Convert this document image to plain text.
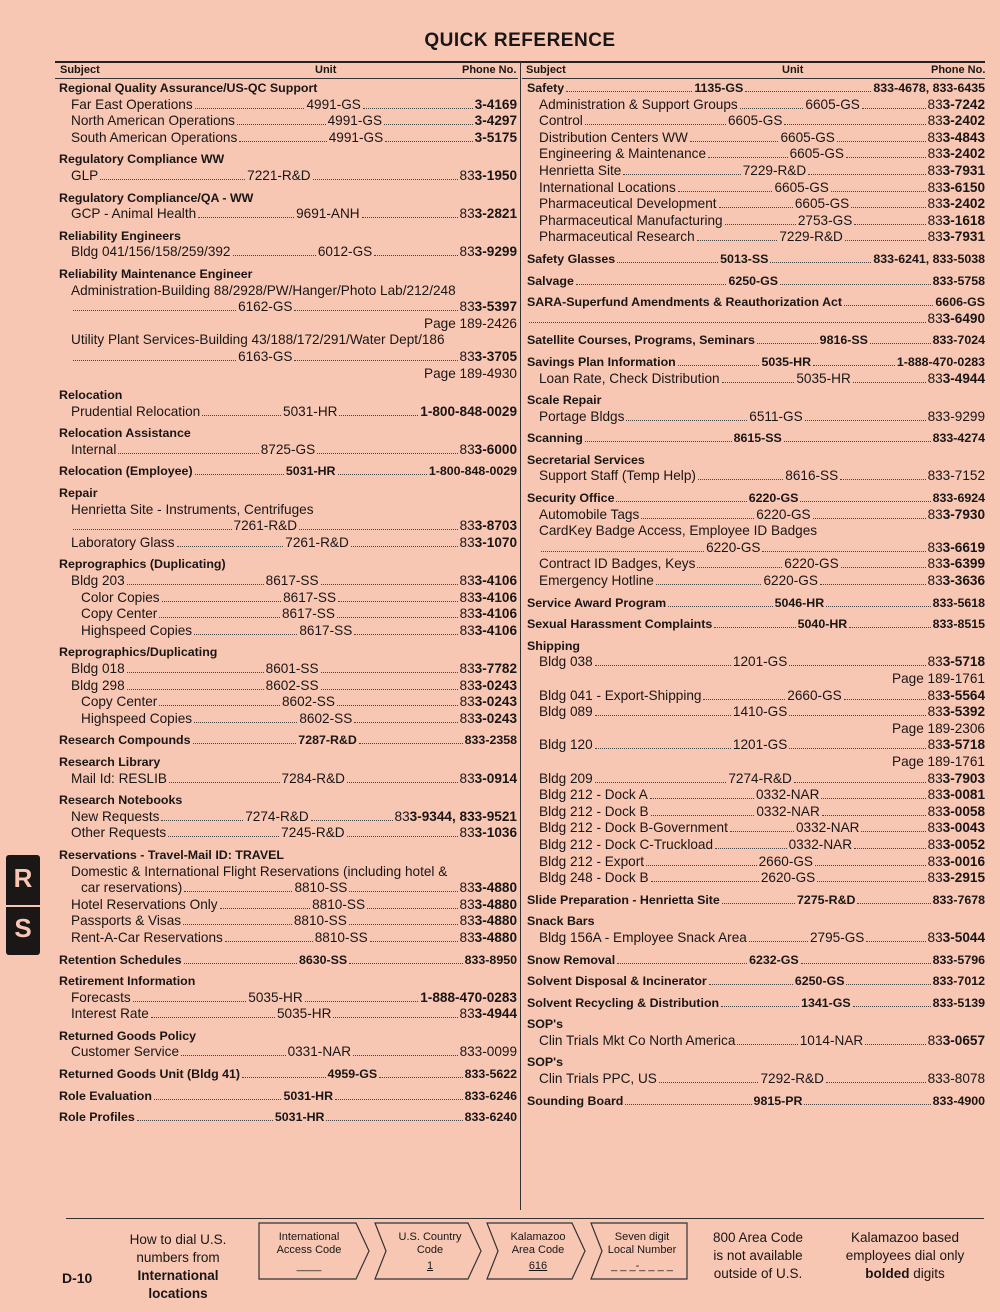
QUICK REFERENCE
Subject	Unit	Phone No. Subject	Unit	Phone No.
Regional Quality Assurance/US-QC Support
Far East Operations	4991-GS	3-4169
North American Operations	4991-GS	3-4297
South American Operations	4991-GS	3-5175
Regulatory Compliance WW
GLP	7221-R&D	833-1950
Regulatory Compliance/QA - WW
GCP - Animal Health	9691-ANH	833-2821
Reliability Engineers
Bldg 041/156/158/259/392	6012-GS	833-9299
Reliability Maintenance Engineer
Administration-Building 88/2928/PW/Hanger/Photo Lab/212/248
6162-GS	833-5397
Page 189-2426
Utility Plant Services-Building 43/188/172/291/Water Dept/186
6163-GS	833-3705
Page 189-4930
Relocation
Prudential Relocation	5031-HR	1-800-848-0029
Relocation Assistance
Internal	8725-GS	833-6000
Relocation (Employee)	5031-HR	1-800-848-0029
Repair
Henrietta Site - Instruments, Centrifuges
7261-R&D	833-8703
Laboratory Glass	7261-R&D	833-1070
Reprographics (Duplicating)
Bldg 203	8617-SS	833-4106
Color Copies	8617-SS	833-4106
Copy Center	8617-SS	833-4106
Highspeed Copies	8617-SS	833-4106
Reprographics/Duplicating
Bldg 018	8601-SS	833-7782
Bldg 298	8602-SS	833-0243
Copy Center	8602-SS	833-0243
Highspeed Copies	8602-SS	833-0243
Research Compounds	7287-R&D	833-2358
Research Library
Mail Id: RESLIB	7284-R&D	833-0914
Research Notebooks
New Requests	7274-R&D	833-9344, 833-9521
Other Requests	7245-R&D	833-1036
Reservations - Travel-Mail ID: TRAVEL
Domestic & International Flight Reservations (including hotel &
car reservations)	8810-SS	833-4880
Hotel Reservations Only	8810-SS	833-4880
Passports & Visas	8810-SS	833-4880
Rent-A-Car Reservations	8810-SS	833-4880
Retention Schedules	8630-SS	833-8950
Retirement Information
Forecasts	5035-HR	1-888-470-0283
Interest Rate	5035-HR	833-4944
Returned Goods Policy
Customer Service	0331-NAR	833-0099
Returned Goods Unit (Bldg 41)	4959-GS	833-5622
Role Evaluation	5031-HR	833-6246
Role Profiles	5031-HR	833-6240
Safety	1135-GS	833-4678, 833-6435
Administration & Support Groups	6605-GS	833-7242
Control	6605-GS	833-2402
Distribution Centers WW	6605-GS	833-4843
Engineering & Maintenance	6605-GS	833-2402
Henrietta Site	7229-R&D	833-7931
International Locations	6605-GS	833-6150
Pharmaceutical Development	6605-GS	833-2402
Pharmaceutical Manufacturing	2753-GS	833-1618
Pharmaceutical Research	7229-R&D	833-7931
Safety Glasses	5013-SS	833-6241, 833-5038
Salvage	6250-GS	833-5758
SARA-Superfund Amendments & Reauthorization Act	6606-GS
833-6490
Satellite Courses, Programs, Seminars	9816-SS	833-7024
Savings Plan Information	5035-HR	1-888-470-0283
Loan Rate, Check Distribution	5035-HR	833-4944
Scale Repair
Portage Bldgs	6511-GS	833-9299
Scanning	8615-SS	833-4274
Secretarial Services
Support Staff (Temp Help)	8616-SS	833-7152
Security Office	6220-GS	833-6924
Automobile Tags	6220-GS	833-7930
CardKey Badge Access, Employee ID Badges
6220-GS	833-6619
Contract ID Badges, Keys	6220-GS	833-6399
Emergency Hotline	6220-GS	833-3636
Service Award Program	5046-HR	833-5618
Sexual Harassment Complaints	5040-HR	833-8515
Shipping
Bldg 038	1201-GS	833-5718
Page 189-1761
Bldg 041 - Export-Shipping	2660-GS	833-5564
Bldg 089	1410-GS	833-5392
Page 189-2306
Bldg 120	1201-GS	833-5718
Page 189-1761
Bldg 209	7274-R&D	833-7903
Bldg 212 - Dock A	0332-NAR	833-0081
Bldg 212 - Dock B	0332-NAR	833-0058
Bldg 212 - Dock B-Government	0332-NAR	833-0043
Bldg 212 - Dock C-Truckload	0332-NAR	833-0052
Bldg 212 - Export	2660-GS	833-0016
Bldg 248 - Dock B	2620-GS	833-2915
Slide Preparation - Henrietta Site	7275-R&D	833-7678
Snack Bars
Bldg 156A - Employee Snack Area	2795-GS	833-5044
Snow Removal	6232-GS	833-5796
Solvent Disposal & Incinerator	6250-GS	833-7012
Solvent Recycling & Distribution	1341-GS	833-5139
SOP's
Clin Trials Mkt Co North America	1014-NAR	833-0657
SOP's
Clin Trials PPC, US	7292-R&D	833-8078
Sounding Board	9815-PR	833-4900
R
S
D-10
How to dial U.S.
numbers from
International locations
International
Access Code
____
U.S. Country
Code
1
Kalamazoo
Area Code
616
Seven digit
Local Number
_ _ _-_ _ _ _
800 Area Code
is not available
outside of U.S.
Kalamazoo based
employees dial only
bolded digits
